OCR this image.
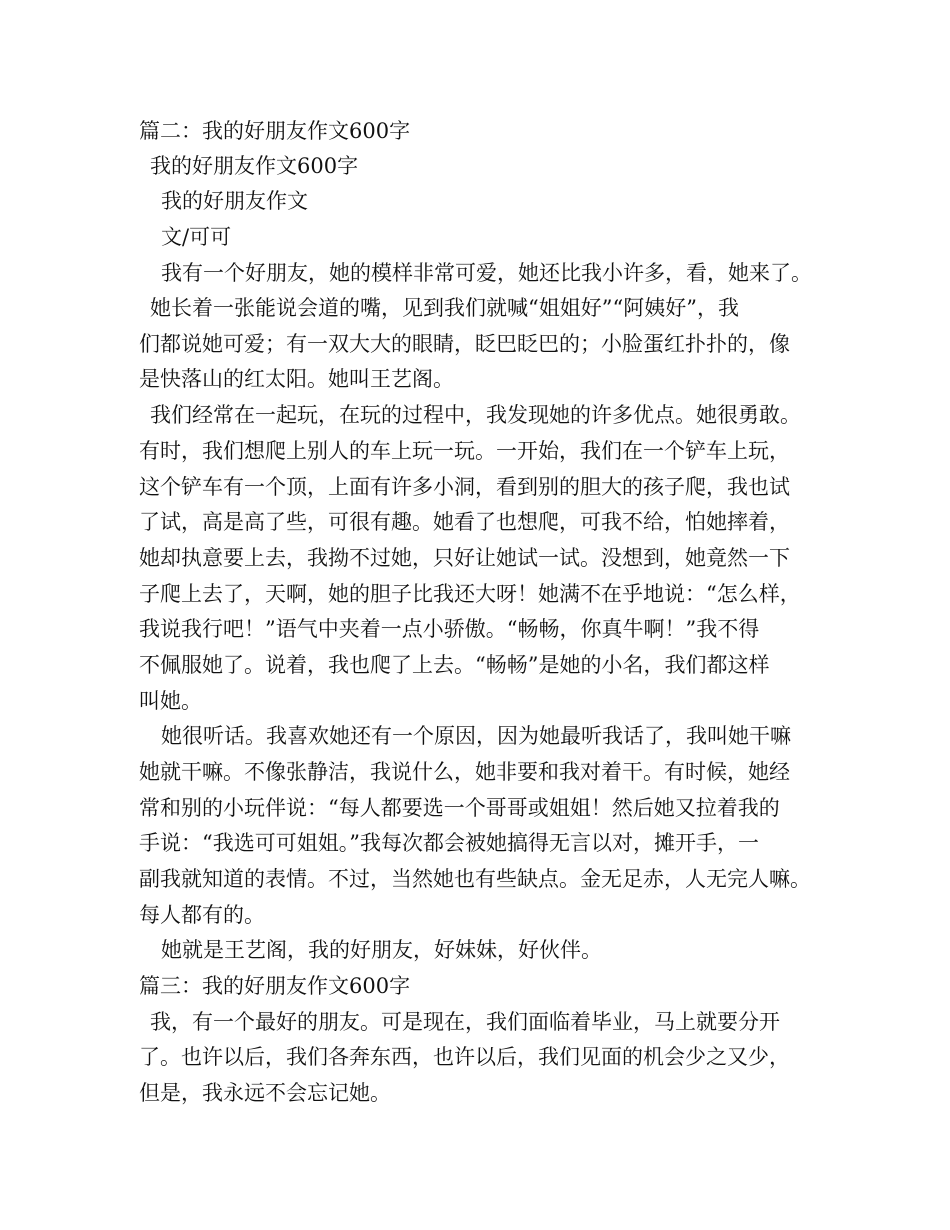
篇二：我的好朋友作文600字
我的好朋友作文600字
我的好朋友作文
文/可可
我有一个好朋友，她的模样非常可爱，她还比我小许多，看，她来了。
她长着一张能说会道的嘴，见到我们就喊“姐姐好”“阿姨好”，我
们都说她可爱；有一双大大的眼睛，眨巴眨巴的；小脸蛋红扑扑的，像
是快落山的红太阳。她叫王艺阁。
我们经常在一起玩，在玩的过程中，我发现她的许多优点。她很勇敢。
有时，我们想爬上别人的车上玩一玩。一开始，我们在一个铲车上玩，
这个铲车有一个顶，上面有许多小洞，看到别的胆大的孩子爬，我也试
了试，高是高了些，可很有趣。她看了也想爬，可我不给，怕她摔着，
她却执意要上去，我拗不过她，只好让她试一试。没想到，她竟然一下
子爬上去了，天啊，她的胆子比我还大呀！她满不在乎地说：“怎么样，
我说我行吧！”语气中夹着一点小骄傲。“畅畅，你真牛啊！”我不得
不佩服她了。说着，我也爬了上去。“畅畅”是她的小名，我们都这样
叫她。
她很听话。我喜欢她还有一个原因，因为她最听我话了，我叫她干嘛
她就干嘛。不像张静洁，我说什么，她非要和我对着干。有时候，她经
常和别的小玩伴说：“每人都要选一个哥哥或姐姐！然后她又拉着我的
手说：“我选可可姐姐。”我每次都会被她搞得无言以对，摊开手，一
副我就知道的表情。不过，当然她也有些缺点。金无足赤，人无完人嘛。
每人都有的。
她就是王艺阁，我的好朋友，好妹妹，好伙伴。
篇三：我的好朋友作文600字
我，有一个最好的朋友。可是现在，我们面临着毕业，马上就要分开
了。也许以后，我们各奔东西，也许以后，我们见面的机会少之又少，
但是，我永远不会忘记她。
